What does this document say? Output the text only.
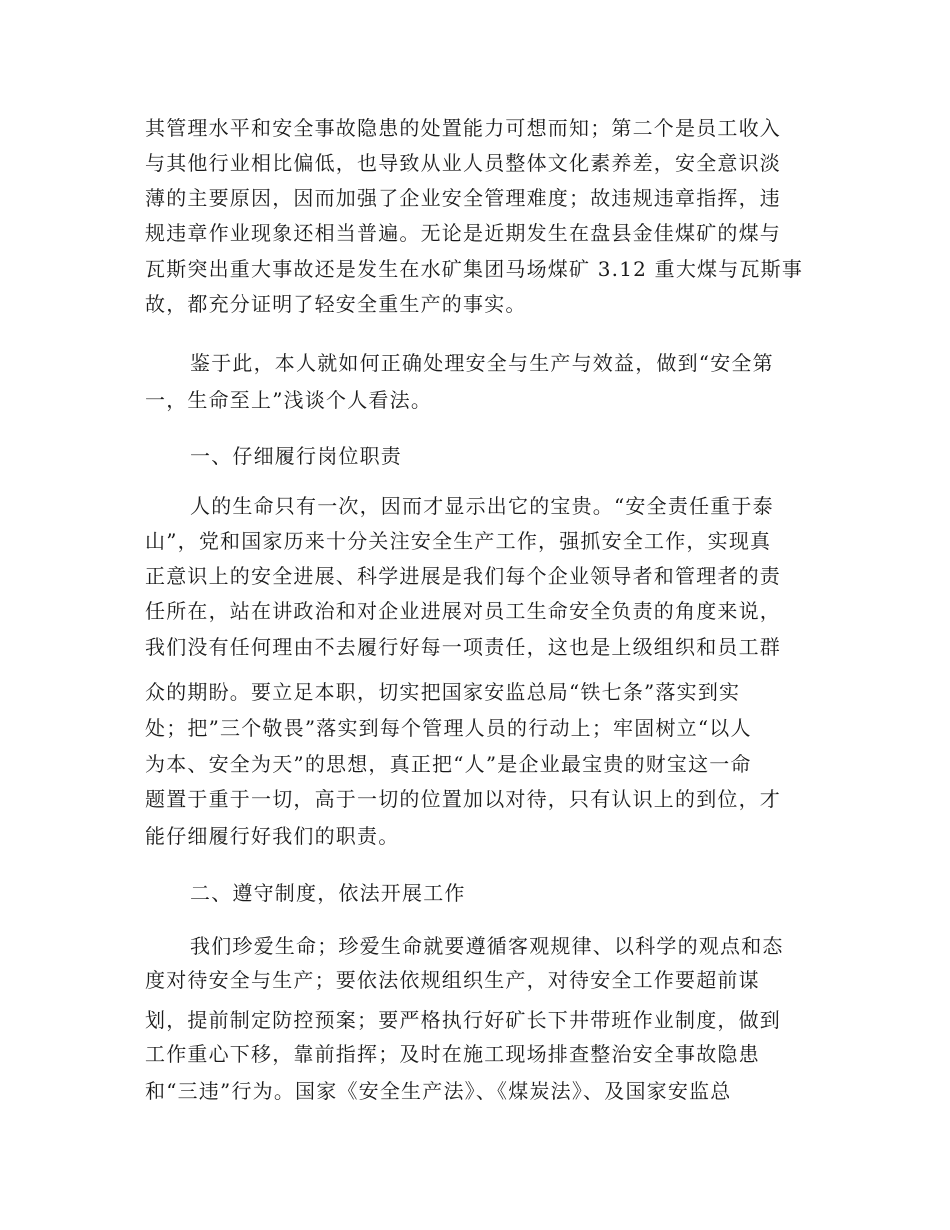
其管理水平和安全事故隐患的处置能力可想而知；第二个是员工收入
与其他行业相比偏低，也导致从业人员整体文化素养差，安全意识淡
薄的主要原因，因而加强了企业安全管理难度；故违规违章指挥，违
规违章作业现象还相当普遍。无论是近期发生在盘县金佳煤矿的煤与
瓦斯突出重大事故还是发生在水矿集团马场煤矿 3.12 重大煤与瓦斯事
故，都充分证明了轻安全重生产的事实。
鉴于此，本人就如何正确处理安全与生产与效益，做到“安全第
一，生命至上”浅谈个人看法。
一、仔细履行岗位职责
人的生命只有一次，因而才显示出它的宝贵。“安全责任重于泰
山”，党和国家历来十分关注安全生产工作，强抓安全工作，实现真
正意识上的安全进展、科学进展是我们每个企业领导者和管理者的责
任所在，站在讲政治和对企业进展对员工生命安全负责的角度来说，
我们没有任何理由不去履行好每一项责任，这也是上级组织和员工群
众的期盼。要立足本职，切实把国家安监总局“铁七条”落实到实
处；把”三个敬畏”落实到每个管理人员的行动上；牢固树立“以人
为本、安全为天”的思想，真正把“人”是企业最宝贵的财宝这一命
题置于重于一切，高于一切的位置加以对待，只有认识上的到位，才
能仔细履行好我们的职责。
二、遵守制度，依法开展工作
我们珍爱生命；珍爱生命就要遵循客观规律、以科学的观点和态
度对待安全与生产；要依法依规组织生产，对待安全工作要超前谋
划，提前制定防控预案；要严格执行好矿长下井带班作业制度，做到
工作重心下移，靠前指挥；及时在施工现场排查整治安全事故隐患
和“三违”行为。国家《安全生产法》、《煤炭法》、及国家安监总
